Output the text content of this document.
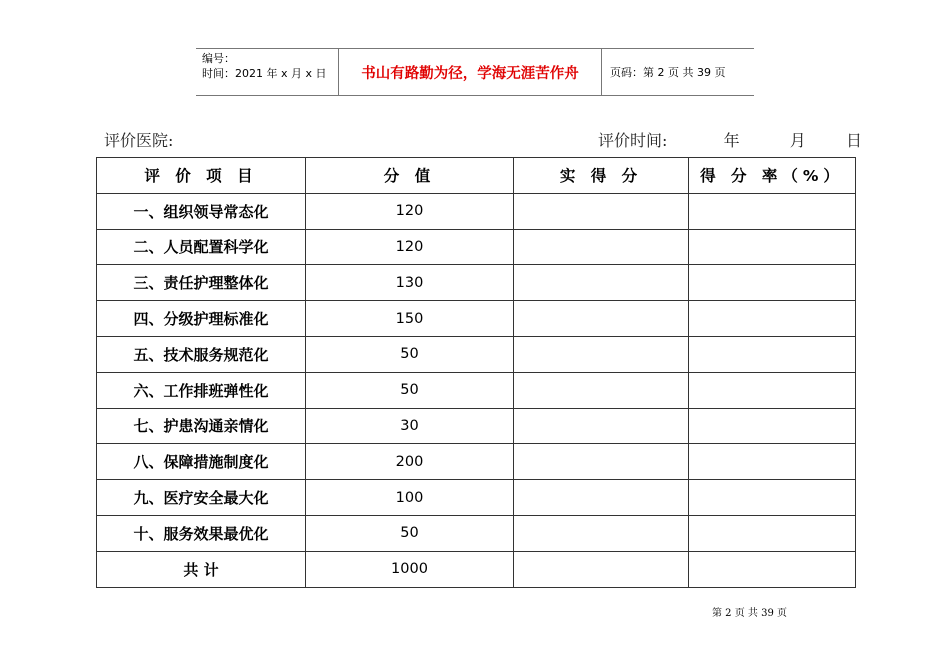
编号：
时间：2021 年 x 月 x 日	书山有路勤为径，学海无涯苦作舟	页码：第 2 页 共 39 页
评价医院:	评价时间:	年	月	日
评 价 项 目	分 值	实 得 分	得 分 率（%）
一、组织领导常态化	120		
二、人员配置科学化	120		
三、责任护理整体化	130		
四、分级护理标准化	150		
五、技术服务规范化	50		
六、工作排班弹性化	50		
七、护患沟通亲情化	30		
八、保障措施制度化	200		
九、医疗安全最大化	100		
十、服务效果最优化	50		
共 计	1000		
第 2 页 共 39 页
